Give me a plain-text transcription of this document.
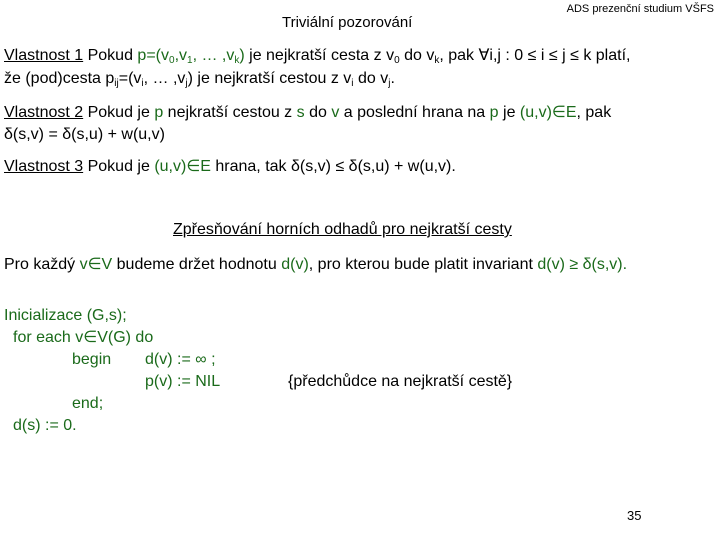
ADS prezenční studium VŠFS
Triviální pozorování
Vlastnost 1 Pokud $p=(v_0,v_1$, … $,v_k$) je nejkratší cesta z $v_0$ do $v_k$, pak ∀i,j : 0 ≤ i ≤ j ≤ k platí,
že (pod)cesta $p_{ij}=(v_i$, … $,v_j$) je nejkratší cestou z $v_i$ do $v_j$.
Vlastnost 2 Pokud je p nejkratší cestou z s do v a poslední hrana na p je (u,v)∈E, pak
δ(s,v) = δ(s,u) + w(u,v)
Vlastnost 3 Pokud je (u,v)∈E hrana, tak δ(s,v) ≤ δ(s,u) + w(u,v).
Zpřesňování horních odhadů pro nejkratší cesty
Pro každý v∈V budeme držet hodnotu d(v), pro kterou bude platit invariant d(v) ≥ δ(s,v).
Inicializace (G,s);
for each v∈V(G) do
begin d(v) := ∞ ;
p(v) := NIL	{předchůdce na nejkratší cestě}
end;
d(s) := 0.
35
